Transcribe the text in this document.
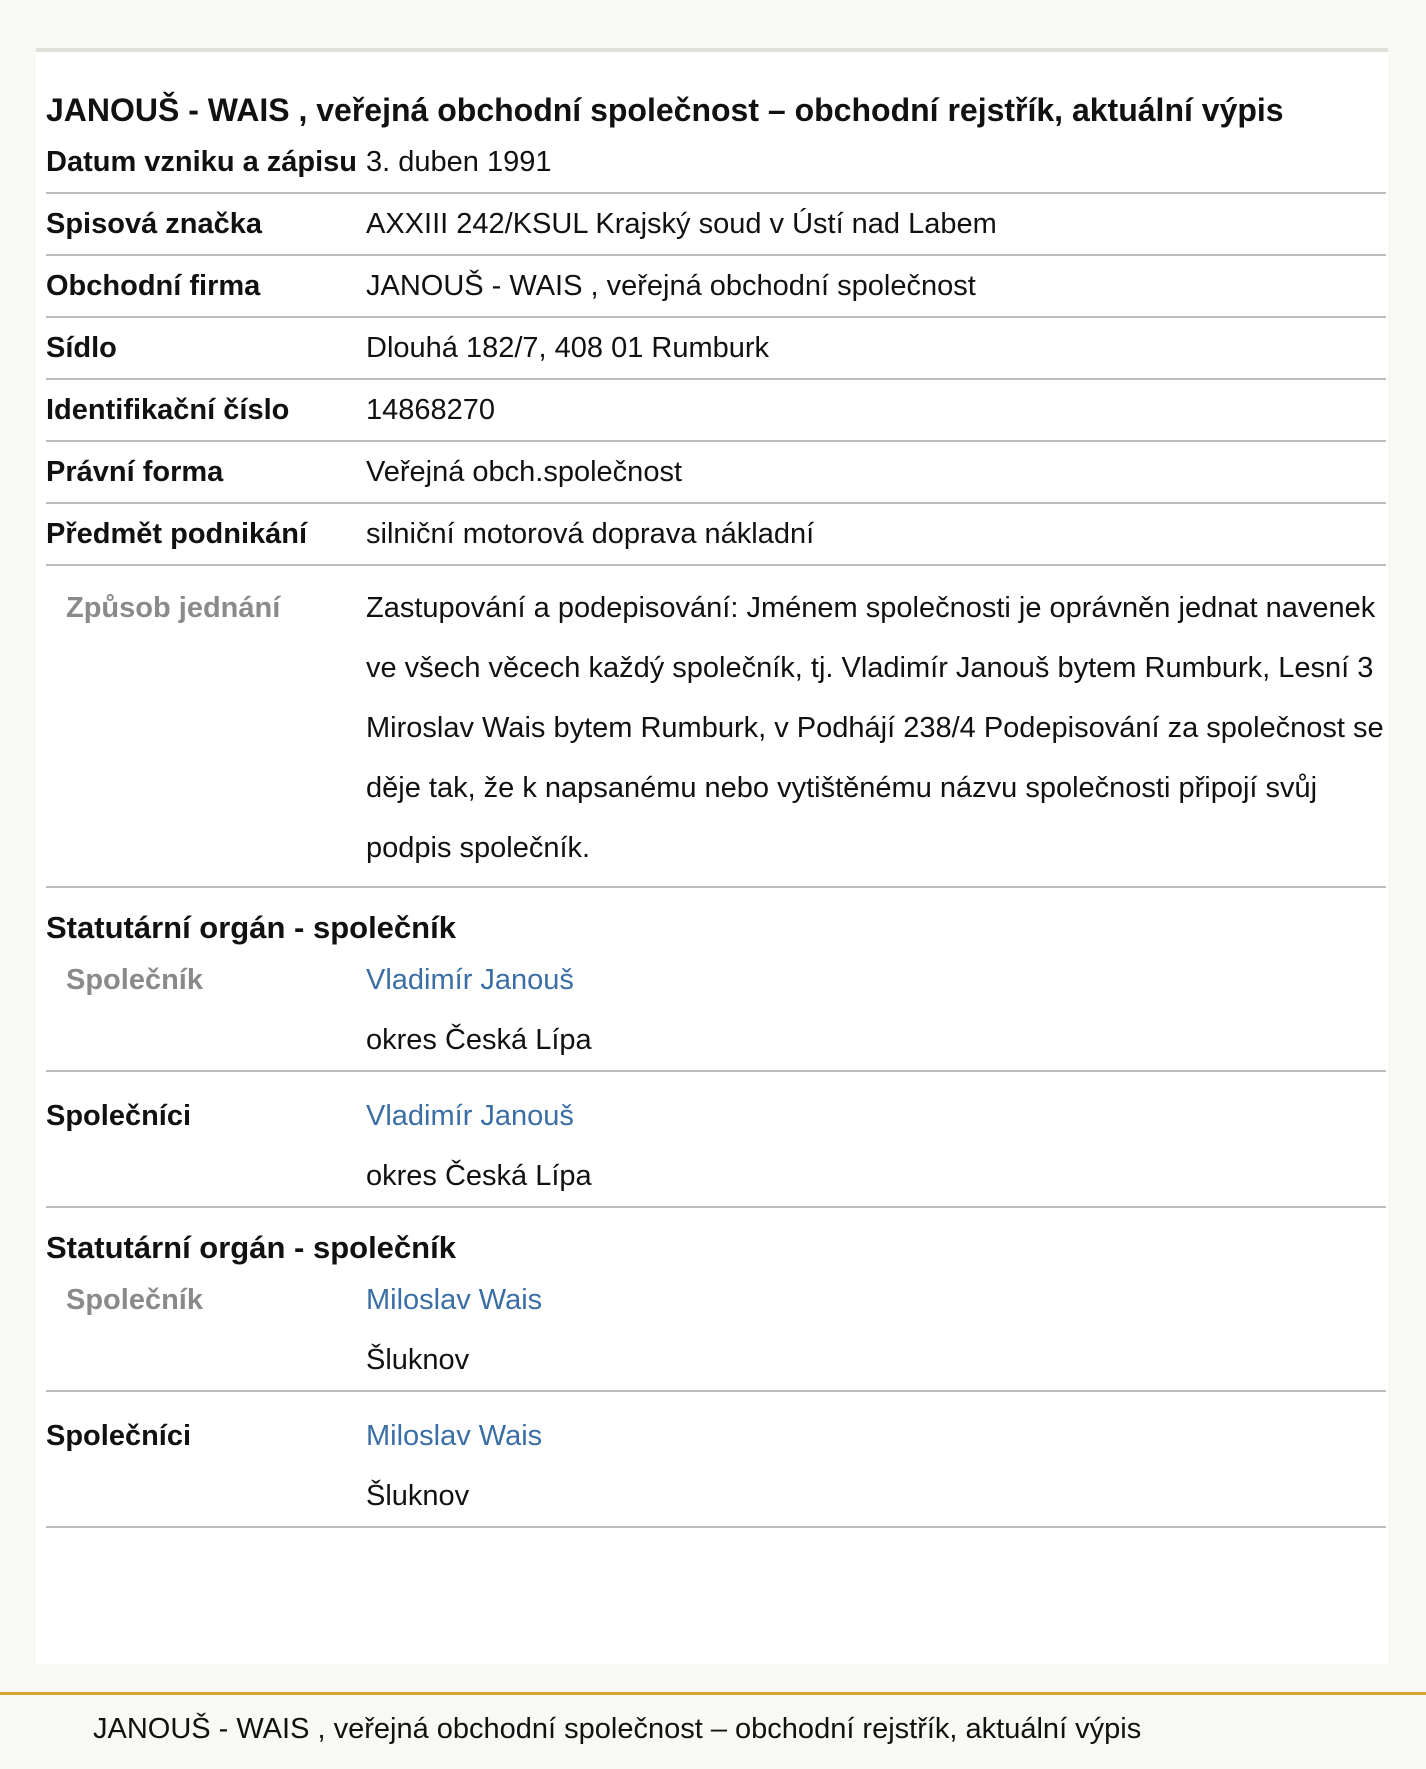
JANOUŠ - WAIS , veřejná obchodní společnost – obchodní rejstřík, aktuální výpis
Datum vzniku a zápisu 3. duben 1991
Spisová značka	AXXIII 242/KSUL Krajský soud v Ústí nad Labem
Obchodní firma	JANOUŠ - WAIS , veřejná obchodní společnost
Sídlo	Dlouhá 182/7, 408 01 Rumburk
Identifikační číslo	14868270
Právní forma	Veřejná obch.společnost
Předmět podnikání	silniční motorová doprava nákladní
Způsob jednání	Zastupování a podepisování: Jménem společnosti je oprávněn jednat navenek ve všech věcech každý společník, tj. Vladimír Janouš bytem Rumburk, Lesní 3 Miroslav Wais bytem Rumburk, v Podhájí 238/4 Podepisování za společnost se děje tak, že k napsanému nebo vytištěnému názvu společnosti připojí svůj podpis společník.
Statutární orgán - společník
Společník	Vladimír Janouš
okres Česká Lípa
Společníci	Vladimír Janouš
okres Česká Lípa
Statutární orgán - společník
Společník	Miloslav Wais
Šluknov
Společníci	Miloslav Wais
Šluknov
JANOUŠ - WAIS , veřejná obchodní společnost – obchodní rejstřík, aktuální výpis
